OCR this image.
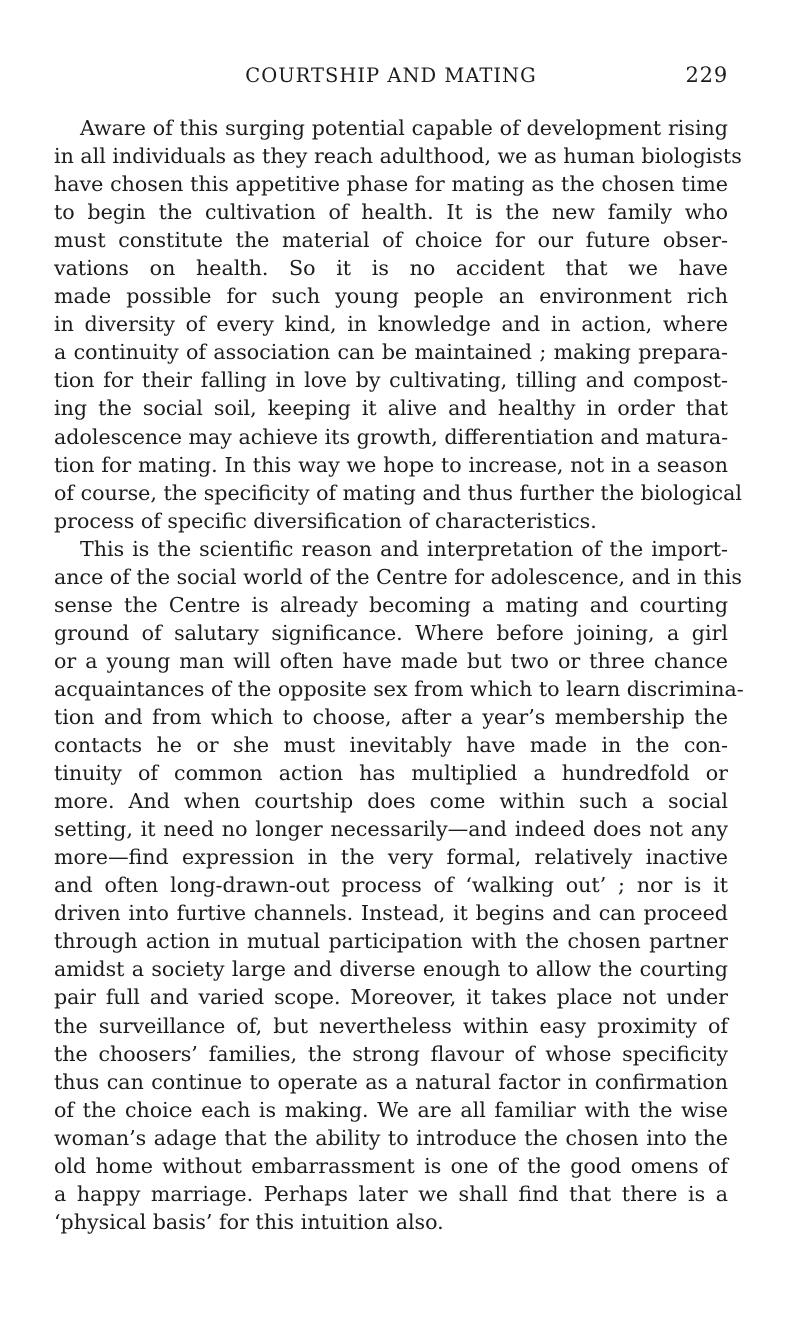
COURTSHIP AND MATING	229
Aware of this surging potential capable of development rising
in all individuals as they reach adulthood, we as human biologists
have chosen this appetitive phase for mating as the chosen time
to begin the cultivation of health. It is the new family who
must constitute the material of choice for our future obser-
vations on health. So it is no accident that we have
made possible for such young people an environment rich
in diversity of every kind, in knowledge and in action, where
a continuity of association can be maintained ; making prepara-
tion for their falling in love by cultivating, tilling and compost-
ing the social soil, keeping it alive and healthy in order that
adolescence may achieve its growth, differentiation and matura-
tion for mating. In this way we hope to increase, not in a season
of course, the specificity of mating and thus further the biological
process of specific diversification of characteristics.
This is the scientific reason and interpretation of the import-
ance of the social world of the Centre for adolescence, and in this
sense the Centre is already becoming a mating and courting
ground of salutary significance. Where before joining, a girl
or a young man will often have made but two or three chance
acquaintances of the opposite sex from which to learn discrimina-
tion and from which to choose, after a year’s membership the
contacts he or she must inevitably have made in the con-
tinuity of common action has multiplied a hundredfold or
more. And when courtship does come within such a social
setting, it need no longer necessarily—and indeed does not any
more—find expression in the very formal, relatively inactive
and often long-drawn-out process of ‘walking out’ ; nor is it
driven into furtive channels. Instead, it begins and can proceed
through action in mutual participation with the chosen partner
amidst a society large and diverse enough to allow the courting
pair full and varied scope. Moreover, it takes place not under
the surveillance of, but nevertheless within easy proximity of
the choosers’ families, the strong flavour of whose specificity
thus can continue to operate as a natural factor in confirmation
of the choice each is making. We are all familiar with the wise
woman’s adage that the ability to introduce the chosen into the
old home without embarrassment is one of the good omens of
a happy marriage. Perhaps later we shall find that there is a
‘physical basis’ for this intuition also.
